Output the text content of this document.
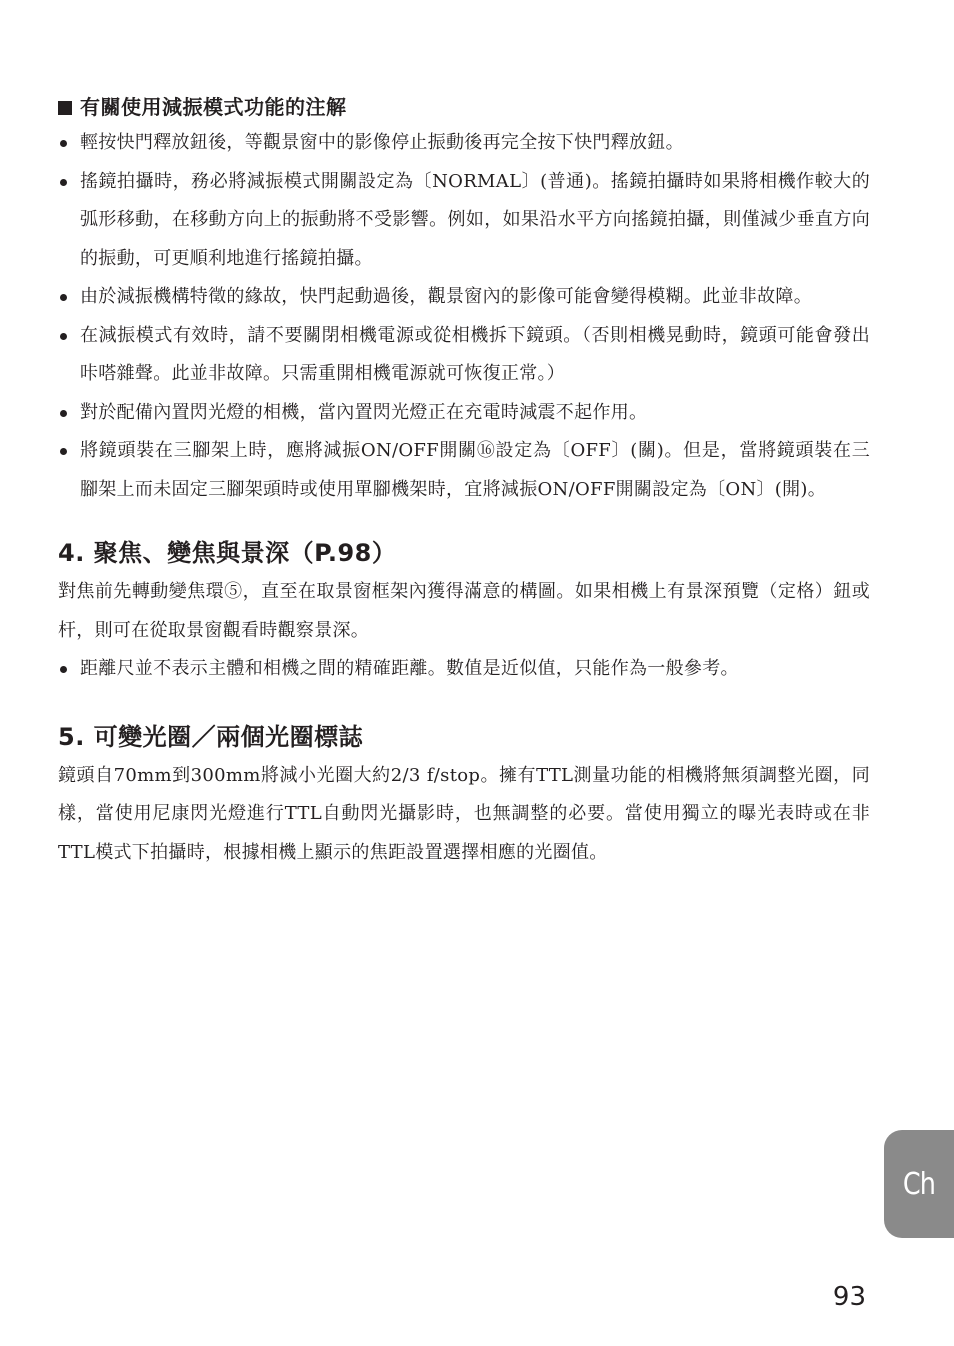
有關使用減振模式功能的注解
輕按快門釋放鈕後，等觀景窗中的影像停止振動後再完全按下快門釋放鈕。
搖鏡拍攝時，務必將減振模式開關設定為〔NORMAL〕(普通)。搖鏡拍攝時如果將相機作較大的弧形移動，在移動方向上的振動將不受影響。例如，如果沿水平方向搖鏡拍攝，則僅減少垂直方向的振動，可更順利地進行搖鏡拍攝。
由於減振機構特徵的緣故，快門起動過後，觀景窗內的影像可能會變得模糊。此並非故障。
在減振模式有效時，請不要關閉相機電源或從相機拆下鏡頭。（否則相機晃動時，鏡頭可能會發出咔嗒雜聲。此並非故障。只需重開相機電源就可恢復正常。）
對於配備內置閃光燈的相機，當內置閃光燈正在充電時減震不起作用。
將鏡頭裝在三腳架上時，應將減振ON/OFF開關⑯設定為〔OFF〕(關)。但是，當將鏡頭裝在三腳架上而未固定三腳架頭時或使用單腳機架時，宜將減振ON/OFF開關設定為〔ON〕(開)。
4. 聚焦、變焦與景深（P.98）

對焦前先轉動變焦環⑤，直至在取景窗框架內獲得滿意的構圖。如果相機上有景深預覽（定格）鈕或杆，則可在從取景窗觀看時觀察景深。

距離尺並不表示主體和相機之間的精確距離。數值是近似值，只能作為一般參考。
5. 可變光圈／兩個光圈標誌

鏡頭自70mm到300mm將減小光圈大約2/3 f/stop。擁有TTL測量功能的相機將無須調整光圈，同樣，當使用尼康閃光燈進行TTL自動閃光攝影時，也無調整的必要。當使用獨立的曝光表時或在非TTL模式下拍攝時，根據相機上顯示的焦距設置選擇相應的光圈值。

Ch
93
